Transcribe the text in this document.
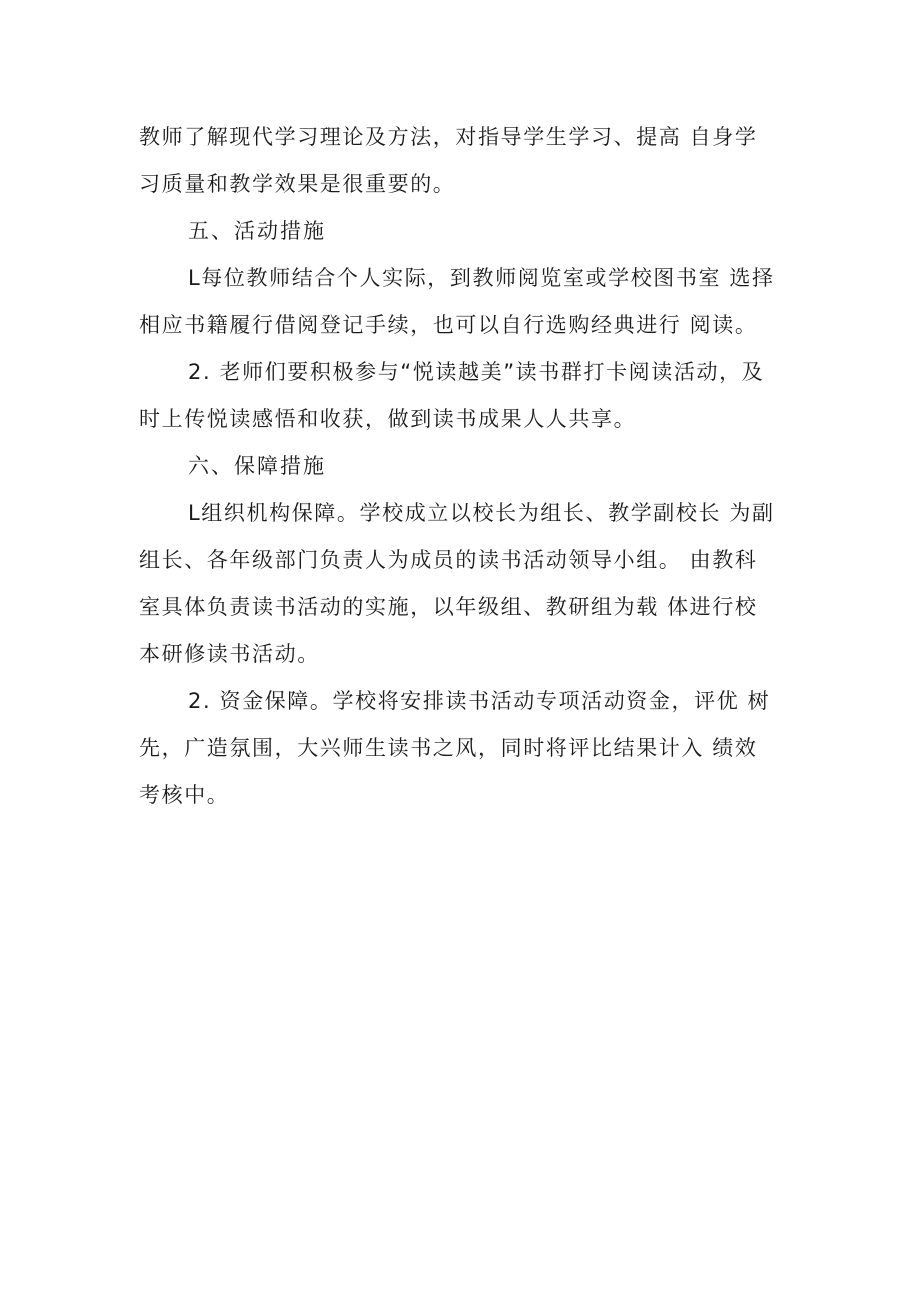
教师了解现代学习理论及方法，对指导学生学习、提高 自身学
习质量和教学效果是很重要的。
五、活动措施
L每位教师结合个人实际，到教师阅览室或学校图书室 选择
相应书籍履行借阅登记手续，也可以自行选购经典进行 阅读。
2. 老师们要积极参与“悦读越美”读书群打卡阅读活动，及
时上传悦读感悟和收获，做到读书成果人人共享。
六、保障措施
L组织机构保障。学校成立以校长为组长、教学副校长 为副
组长、各年级部门负责人为成员的读书活动领导小组。 由教科
室具体负责读书活动的实施，以年级组、教研组为载 体进行校
本研修读书活动。
2. 资金保障。学校将安排读书活动专项活动资金，评优 树
先，广造氛围，大兴师生读书之风，同时将评比结果计入 绩效
考核中。
